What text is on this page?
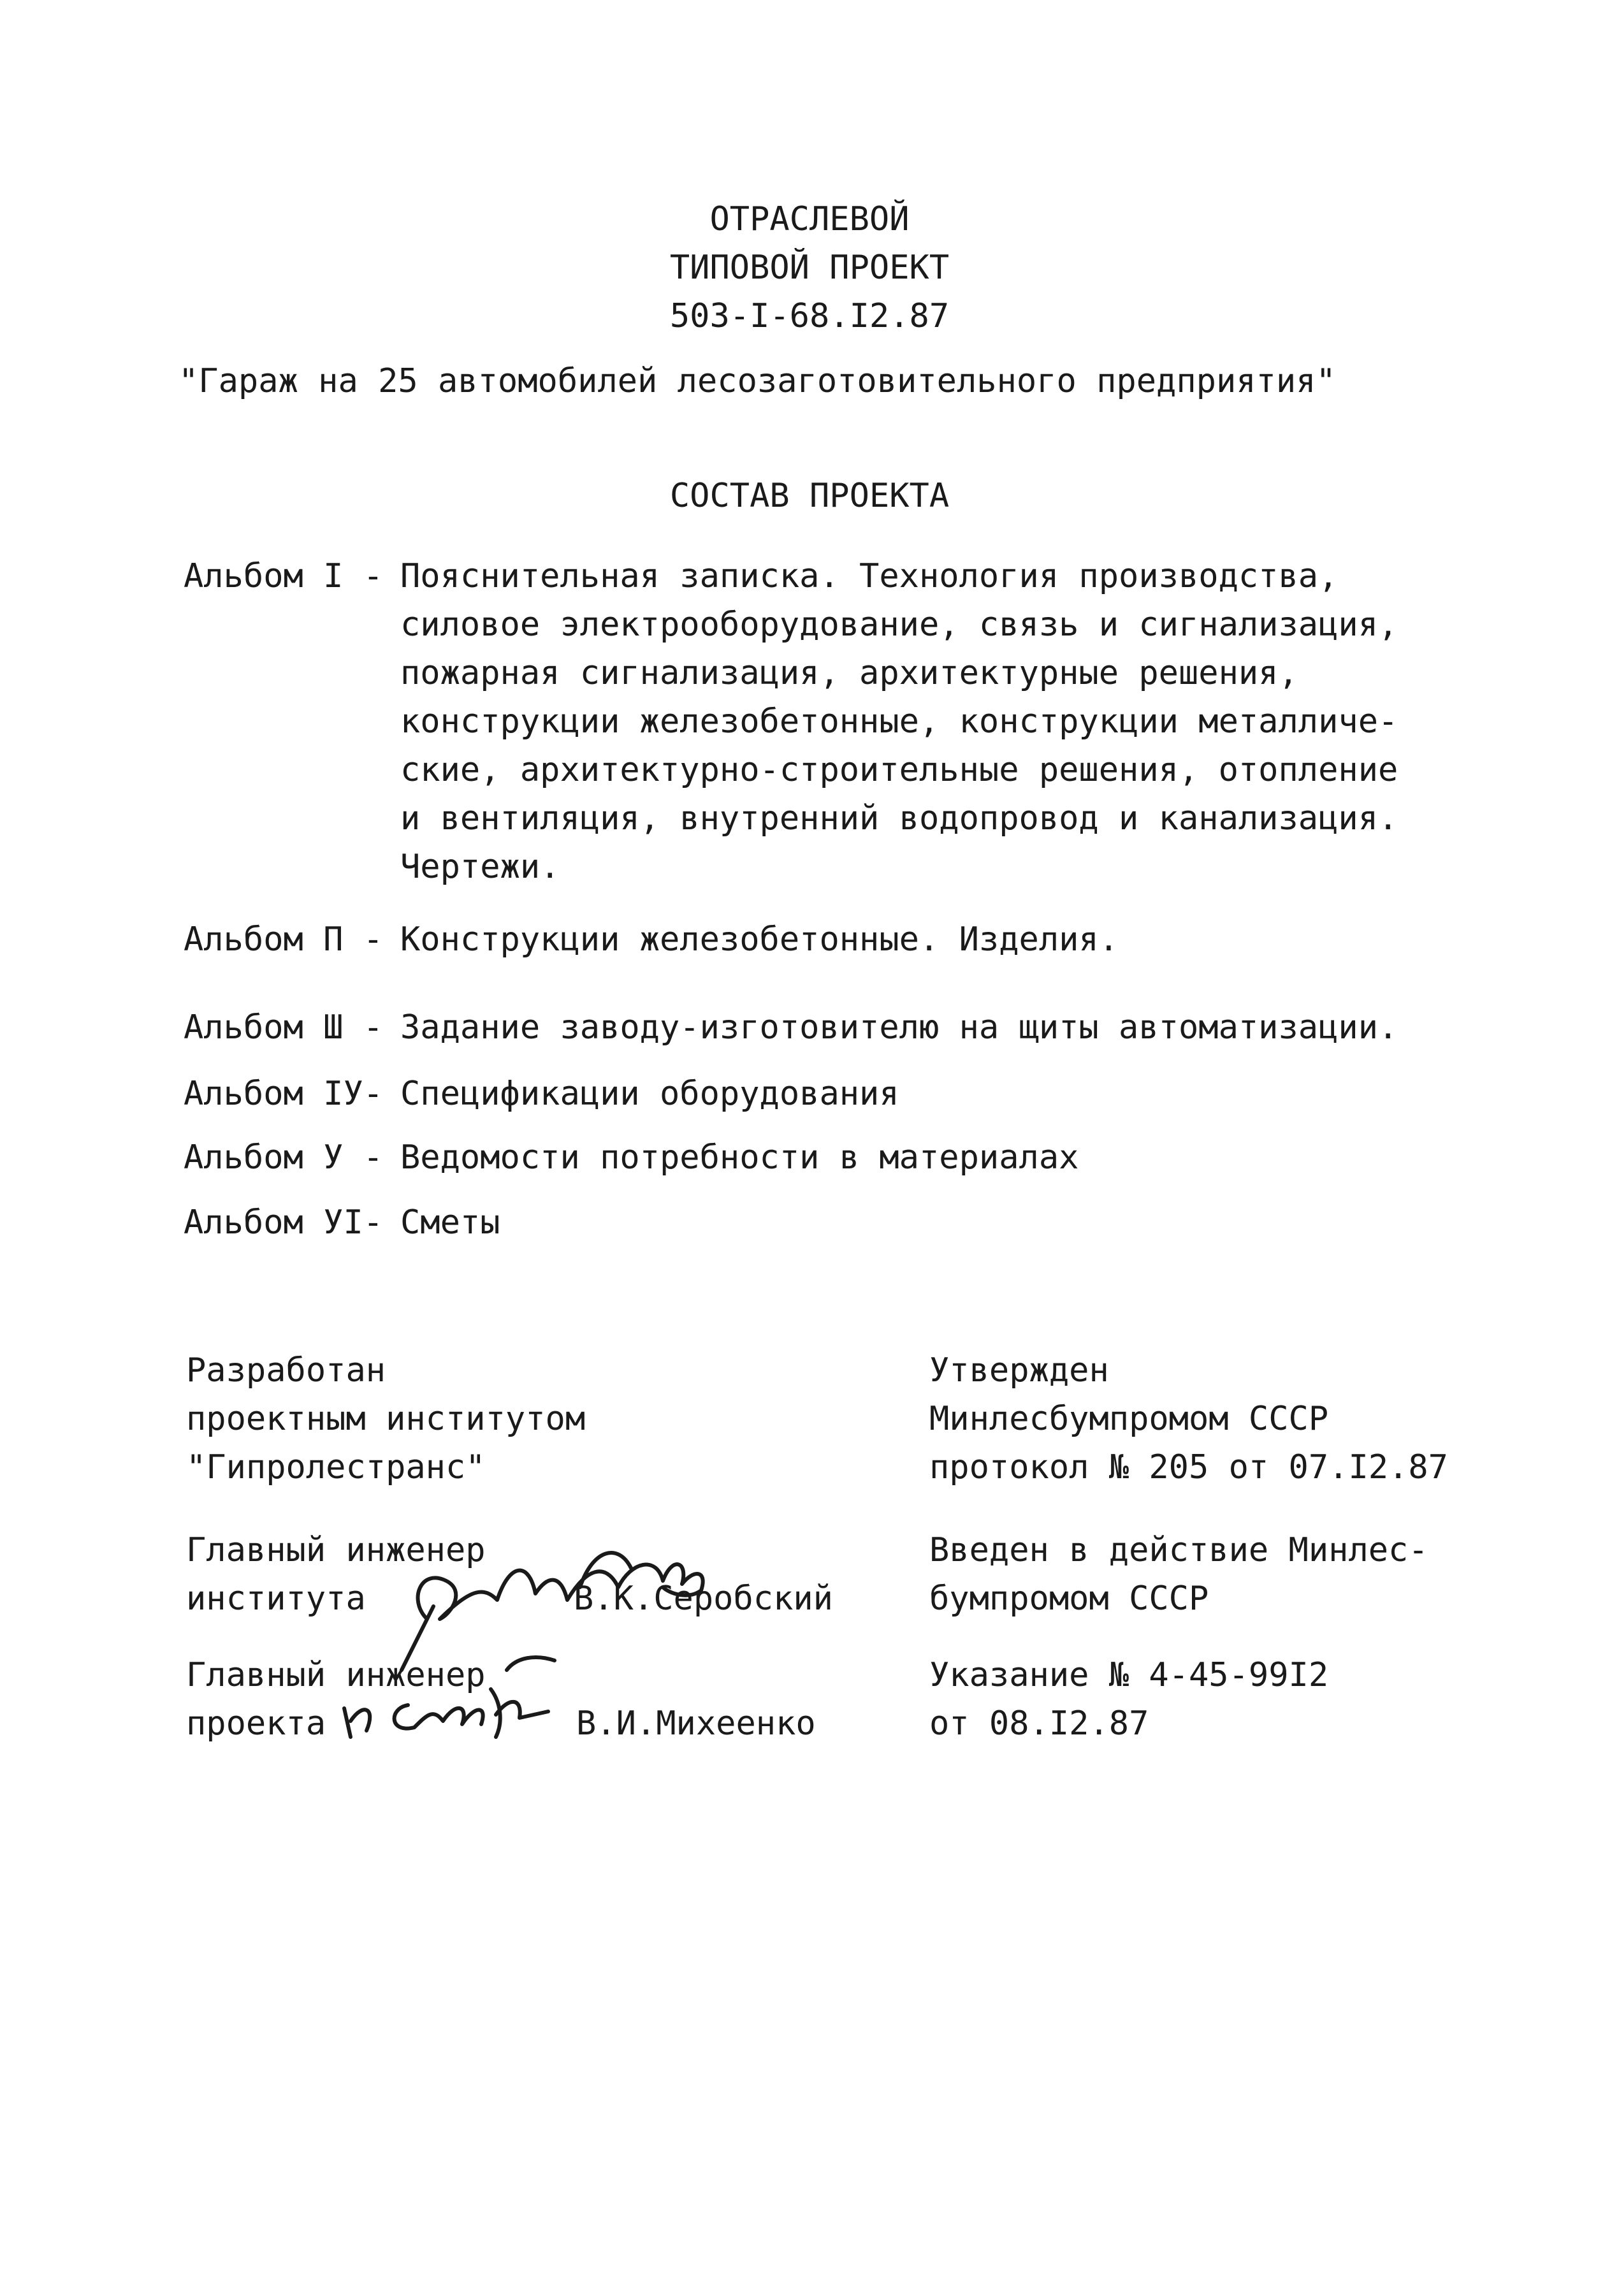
ОТРАСЛЕВОЙ
ТИПОВОЙ ПРОЕКТ
503-I-68.I2.87
"Гараж на 25 автомобилей лесозаготовительного предприятия"
СОСТАВ ПРОЕКТА
Альбом I - Пояснительная записка. Технология производства,
силовое электрооборудование, связь и сигнализация,
пожарная сигнализация, архитектурные решения,
конструкции железобетонные, конструкции металличе-
ские, архитектурно-строительные решения, отопление
и вентиляция, внутренний водопровод и канализация.
Чертежи.
Альбом П - Конструкции железобетонные. Изделия.
Альбом Ш - Задание заводу-изготовителю на щиты автоматизации.
Альбом IУ- Спецификации оборудования
Альбом У - Ведомости потребности в материалах
Альбом УI- Сметы
Разработан
проектным институтом
"Гипролестранс"
Главный инженер
института	В.К.Серобский
Главный инженер
проекта	В.И.Михеенко
Утвержден
Минлесбумпромом СССР
протокол № 205 от 07.I2.87
Введен в действие Минлес-
бумпромом СССР
Указание № 4-45-99I2
от 08.I2.87
